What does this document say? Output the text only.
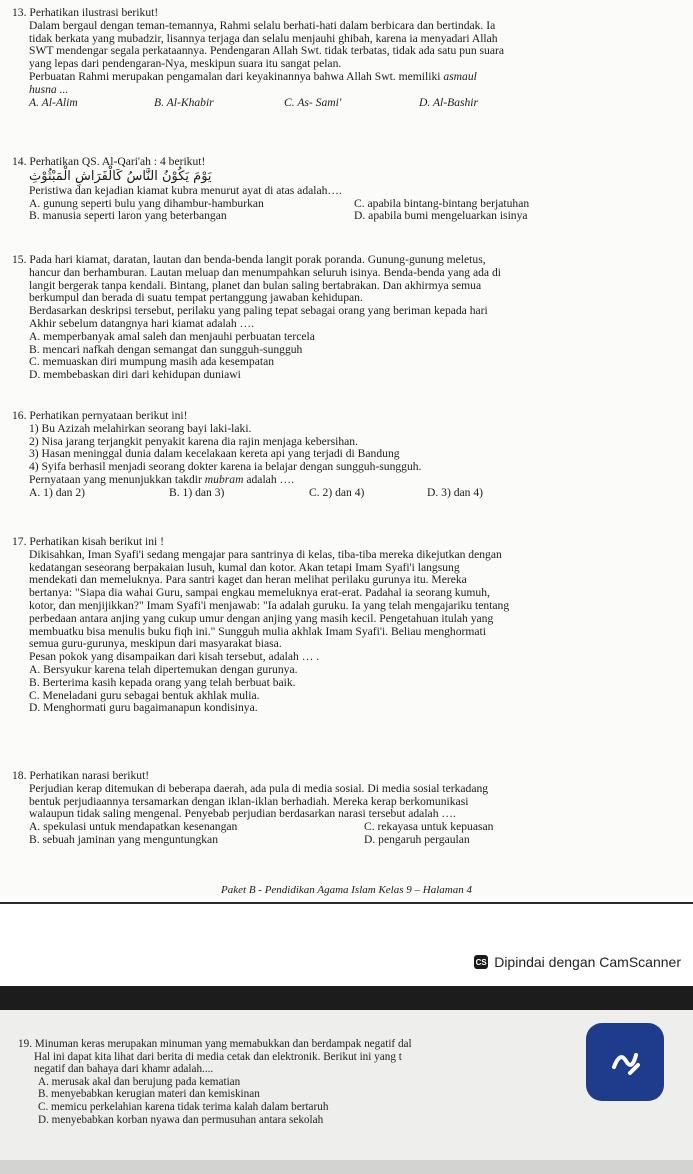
13. Perhatikan ilustrasi berikut!

Dalam bergaul dengan teman-temannya, Rahmi selalu berhati-hati dalam berbicara dan bertindak. Ia

tidak berkata yang mubadzir, lisannya terjaga dan selalu menjauhi ghibah, karena ia menyadari Allah

SWT mendengar segala perkataannya. Pendengaran Allah Swt. tidak terbatas, tidak ada satu pun suara

yang lepas dari pendengaran-Nya, meskipun suara itu sangat pelan.

Perbuatan Rahmi merupakan pengamalan dari keyakinannya bahwa Allah Swt. memiliki asmaul

husna ...

A. Al-Alim	B. Al-Khabir	C. As- Sami'	D. Al-Bashir

14. Perhatikan QS. Al-Qari'ah : 4 berikut!

يَوْمَ يَكُوْنُ النَّاسُ كَالْفَرَاشِ الْمَبْثُوْثِ

Peristiwa dan kejadian kiamat kubra menurut ayat di atas adalah….

A. gunung seperti bulu yang dihambur-hamburkan	C. apabila bintang-bintang berjatuhan
B. manusia seperti laron yang beterbangan	D. apabila bumi mengeluarkan isinya

15. Pada hari kiamat, daratan, lautan dan benda-benda langit porak poranda. Gunung-gunung meletus,

hancur dan berhamburan. Lautan meluap dan menumpahkan seluruh isinya. Benda-benda yang ada di

langit bergerak tanpa kendali. Bintang, planet dan bulan saling bertabrakan. Dan akhirmya semua

berkumpul dan berada di suatu tempat pertanggung jawaban kehidupan.

Berdasarkan deskripsi tersebut, perilaku yang paling tepat sebagai orang yang beriman kepada hari

Akhir sebelum datangnya hari kiamat adalah ….

A. memperbanyak amal saleh dan menjauhi perbuatan tercela

B. mencari nafkah dengan semangat dan sungguh-sungguh

C. memuaskan diri mumpung masih ada kesempatan

D. membebaskan diri dari kehidupan duniawi

16. Perhatikan pernyataan berikut ini!

1) Bu Azizah melahirkan seorang bayi laki-laki.

2) Nisa jarang terjangkit penyakit karena dia rajin menjaga kebersihan.

3) Hasan meninggal dunia dalam kecelakaan kereta api yang terjadi di Bandung

4) Syifa berhasil menjadi seorang dokter karena ia belajar dengan sungguh-sungguh.

Pernyataan yang menunjukkan takdir mubram adalah ….

A. 1) dan 2)	B. 1) dan 3)	C. 2) dan 4)	D. 3) dan 4)

17. Perhatikan kisah berikut ini !

Dikisahkan, Iman Syafi'i sedang mengajar para santrinya di kelas, tiba-tiba mereka dikejutkan dengan

kedatangan seseorang berpakaian lusuh, kumal dan kotor. Akan tetapi Imam Syafi'i langsung

mendekati dan memeluknya. Para santri kaget dan heran melihat perilaku gurunya itu. Mereka

bertanya: "Siapa dia wahai Guru, sampai engkau memeluknya erat-erat. Padahal ia seorang kumuh,

kotor, dan menjijikkan?" Imam Syafi'i menjawab: "Ia adalah guruku. Ia yang telah mengajariku tentang

perbedaan antara anjing yang cukup umur dengan anjing yang masih kecil. Pengetahuan itulah yang

membuatku bisa menulis buku fiqh ini." Sungguh mulia akhlak Imam Syafi'i. Beliau menghormati

semua guru-gurunya, meskipun dari masyarakat biasa.

Pesan pokok yang disampaikan dari kisah tersebut, adalah … .

A. Bersyukur karena telah dipertemukan dengan gurunya.

B. Berterima kasih kepada orang yang telah berbuat baik.

C. Meneladani guru sebagai bentuk akhlak mulia.

D. Menghormati guru bagaimanapun kondisinya.

18. Perhatikan narasi berikut!

Perjudian kerap ditemukan di beberapa daerah, ada pula di media sosial. Di media sosial terkadang

bentuk perjudiaannya tersamarkan dengan iklan-iklan berhadiah. Mereka kerap berkomunikasi

walaupun tidak saling mengenal. Penyebab perjudian berdasarkan narasi tersebut adalah ….

A. spekulasi untuk mendapatkan kesenangan	C. rekayasa untuk kepuasan
B. sebuah jaminan yang menguntungkan	D. pengaruh pergaulan
Paket B - Pendidikan Agama Islam Kelas 9 – Halaman 4
CS Dipindai dengan CamScanner

19. Minuman keras merupakan minuman yang memabukkan dan berdampak negatif dal

Hal ini dapat kita lihat dari berita di media cetak dan elektronik. Berikut ini yang t

negatif dan bahaya dari khamr adalah....

A. merusak akal dan berujung pada kematian

B. menyebabkan kerugian materi dan kemiskinan

C. memicu perkelahian karena tidak terima kalah dalam bertaruh

D. menyebabkan korban nyawa dan permusuhan antara sekolah
